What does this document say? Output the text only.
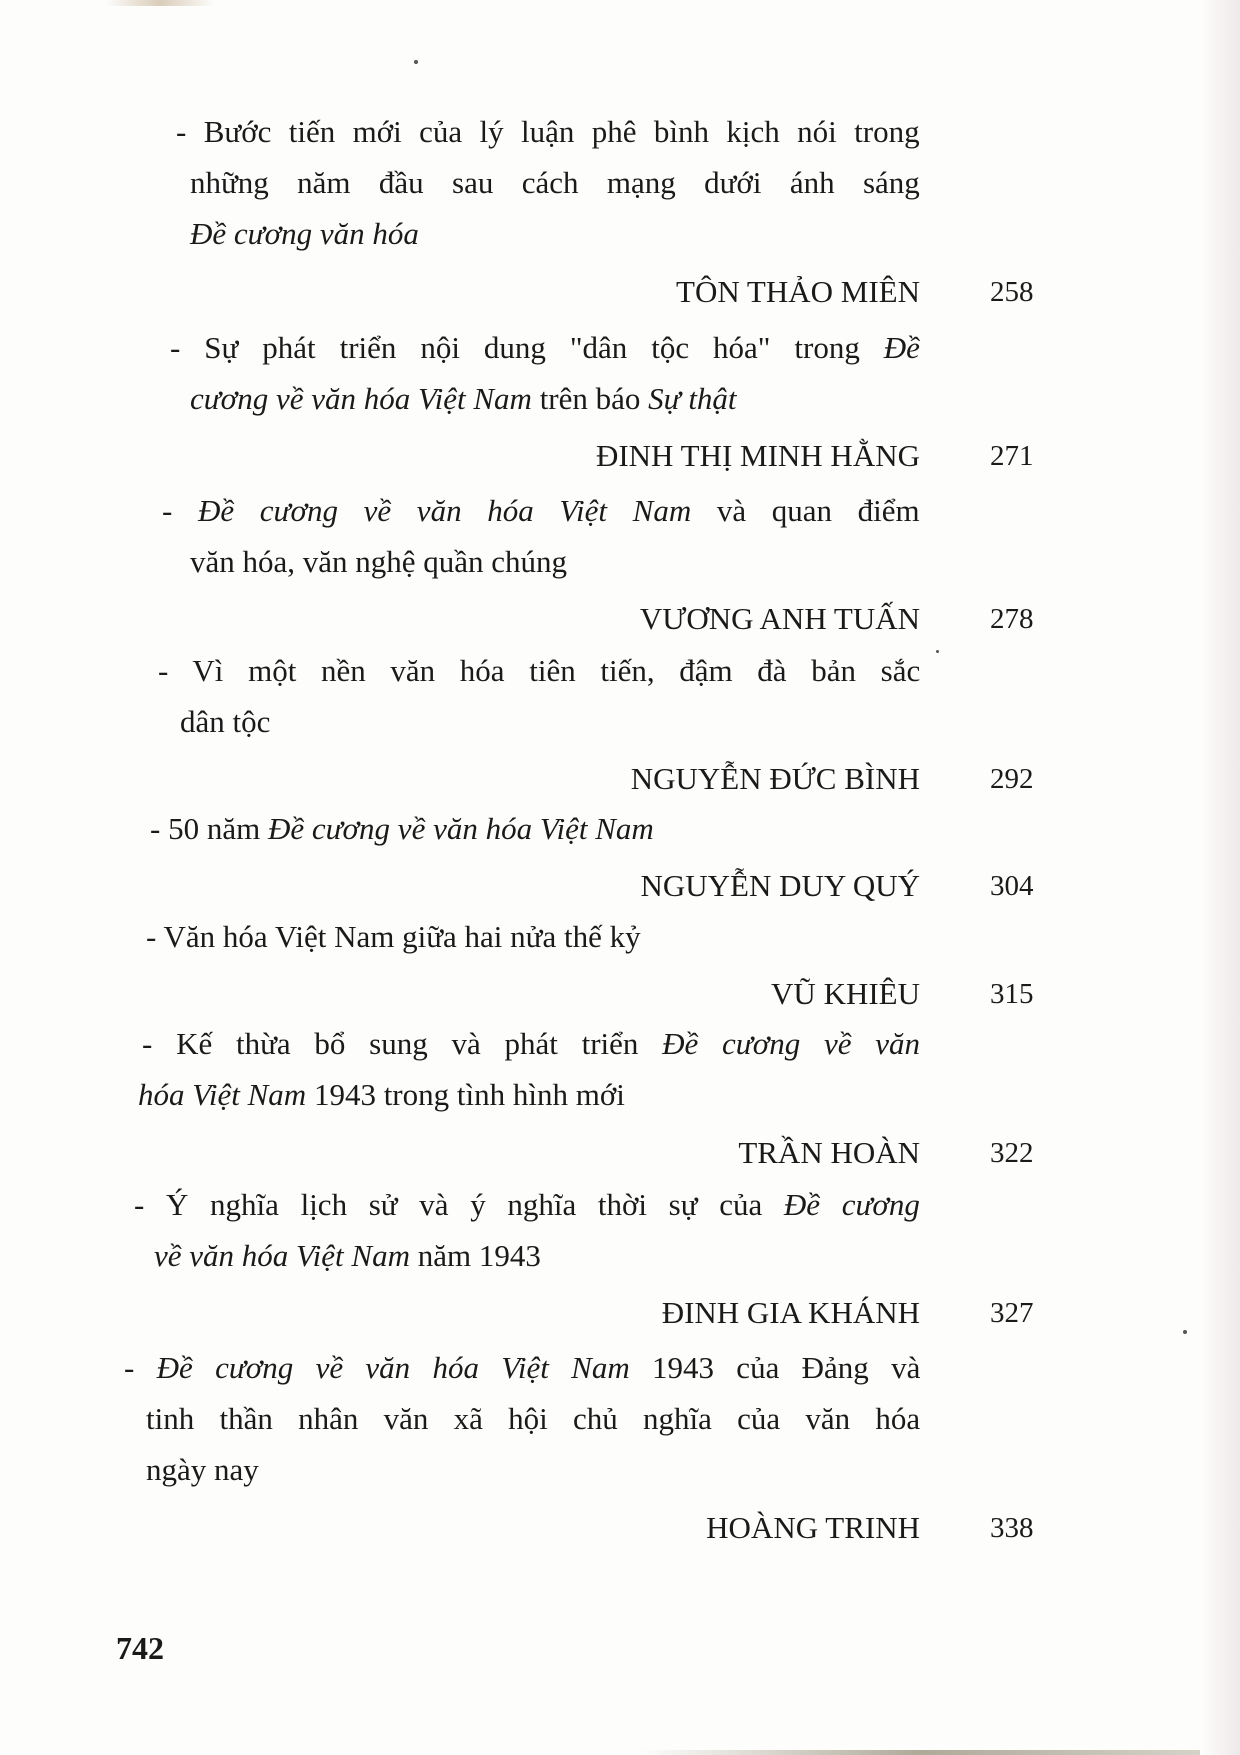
- Bước tiến mới của lý luận phê bình kịch nói trong
những năm đầu sau cách mạng dưới ánh sáng
Đề cương văn hóa
TÔN THẢO MIÊN 258
- Sự phát triển nội dung "dân tộc hóa" trong Đề
cương về văn hóa Việt Nam trên báo Sự thật
ĐINH THỊ MINH HẰNG 271
- Đề cương về văn hóa Việt Nam và quan điểm
văn hóa, văn nghệ quần chúng
VƯƠNG ANH TUẤN 278
- Vì một nền văn hóa tiên tiến, đậm đà bản sắc
dân tộc
NGUYỄN ĐỨC BÌNH 292
- 50 năm Đề cương về văn hóa Việt Nam
NGUYỄN DUY QUÝ 304
- Văn hóa Việt Nam giữa hai nửa thế kỷ
VŨ KHIÊU 315
- Kế thừa bổ sung và phát triển Đề cương về văn
hóa Việt Nam 1943 trong tình hình mới
TRẦN HOÀN 322
- Ý nghĩa lịch sử và ý nghĩa thời sự của Đề cương
về văn hóa Việt Nam năm 1943
ĐINH GIA KHÁNH 327
- Đề cương về văn hóa Việt Nam 1943 của Đảng và
tinh thần nhân văn xã hội chủ nghĩa của văn hóa
ngày nay
HOÀNG TRINH 338
742
